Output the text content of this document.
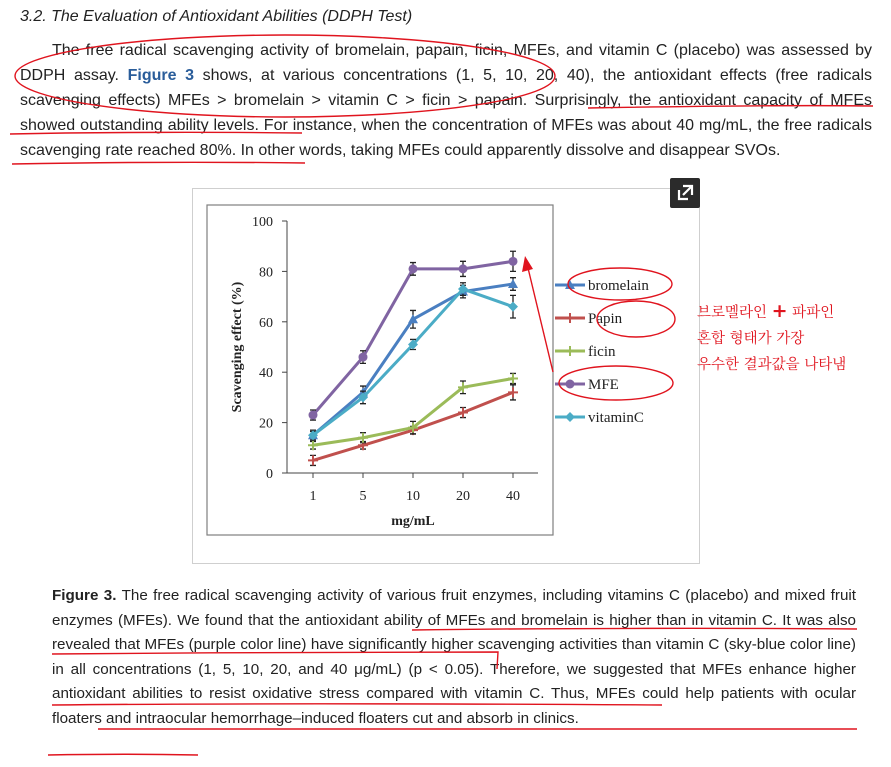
3.2. The Evaluation of Antioxidant Abilities (DDPH Test)
The free radical scavenging activity of bromelain, papain, ficin, MFEs, and vitamin C (placebo) was assessed by DDPH assay. Figure 3 shows, at various concentrations (1, 5, 10, 20, 40), the antioxidant effects (free radicals scavenging effects) MFEs > bromelain > vitamin C > ficin > papain. Surprisingly, the antioxidant capacity of MFEs showed outstanding ability levels. For instance, when the concentration of MFEs was about 40 mg/mL, the free radicals scavenging rate reached 80%. In other words, taking MFEs could apparently dissolve and disappear SVOs.
0
20
40
60
80
100
1	5	10	20	40
mg/mL
Scavenging effect (%)	bromelain
Papin
ficin
MFE
vitaminC
브로멜라인 + 파파인
혼합 형태가 가장
우수한 결과값을 나타냄
Figure 3. The free radical scavenging activity of various fruit enzymes, including vitamins C (placebo) and mixed fruit enzymes (MFEs). We found that the antioxidant ability of MFEs and bromelain is higher than in vitamin C. It was also revealed that MFEs (purple color line) have significantly higher scavenging activities than vitamin C (sky-blue color line) in all concentrations (1, 5, 10, 20, and 40 μg/mL) (p < 0.05). Therefore, we suggested that MFEs enhance higher antioxidant abilities to resist oxidative stress compared with vitamin C. Thus, MFEs could help patients with ocular floaters and intraocular hemorrhage–induced floaters cut and absorb in clinics.
